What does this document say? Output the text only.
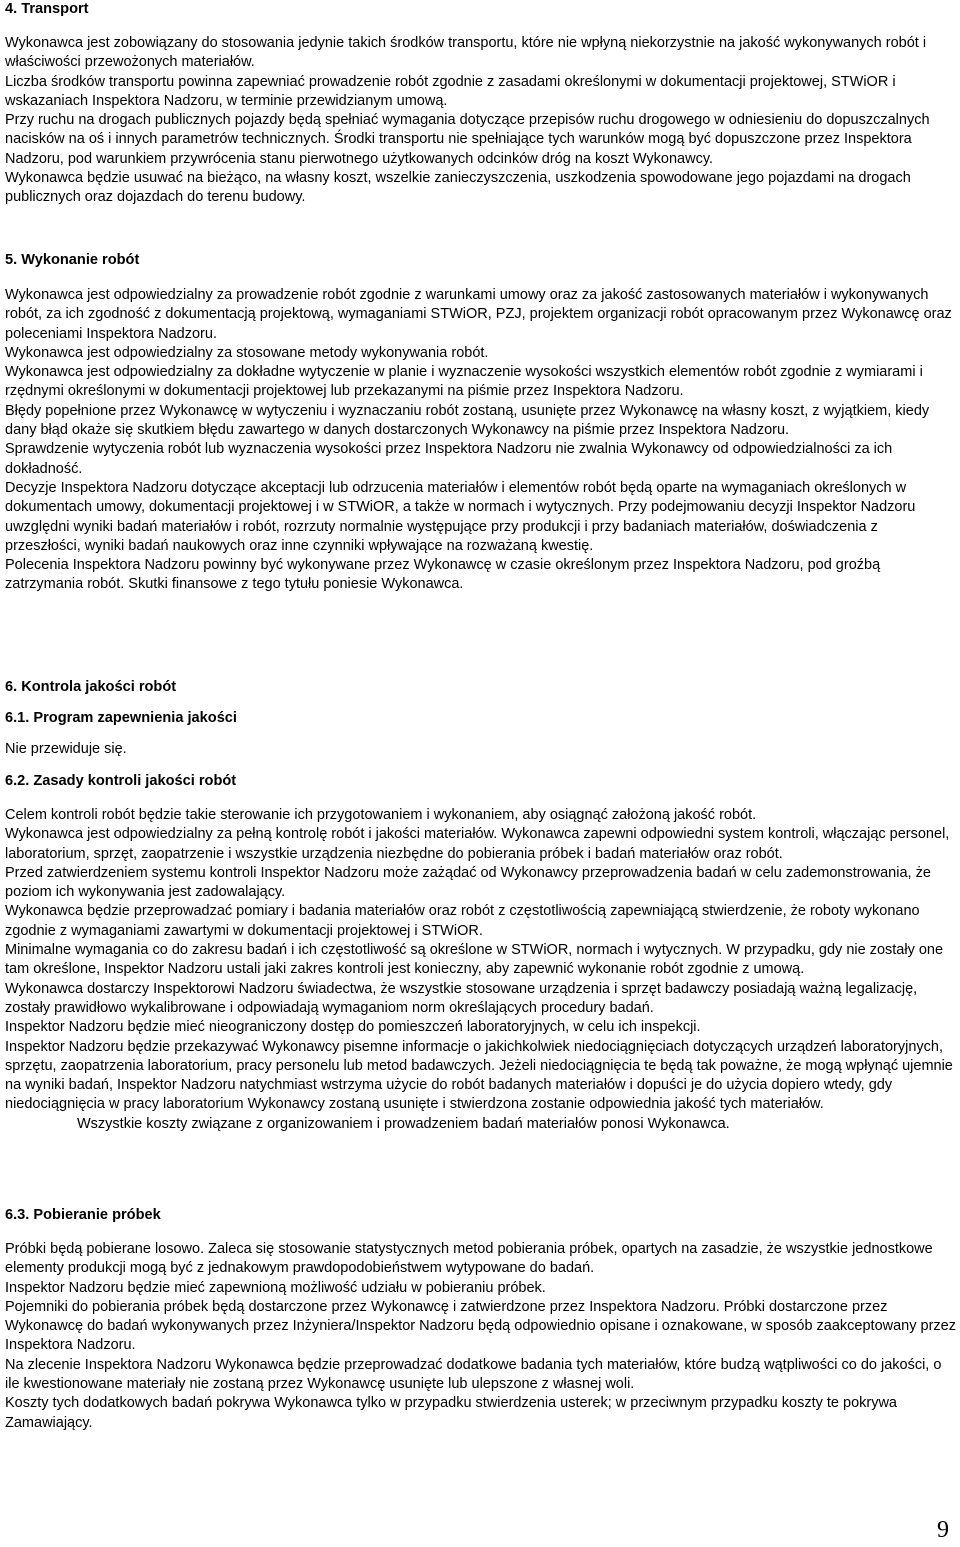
4. Transport

Wykonawca jest zobowiązany do stosowania jedynie takich środków transportu, które nie wpłyną niekorzystnie na jakość wykonywanych robót i właściwości przewożonych materiałów.

Liczba środków transportu powinna zapewniać prowadzenie robót zgodnie z zasadami określonymi w dokumentacji projektowej, STWiOR i wskazaniach Inspektora Nadzoru, w terminie przewidzianym umową.

Przy ruchu na drogach publicznych pojazdy będą spełniać wymagania dotyczące przepisów ruchu drogowego w odniesieniu do dopuszczalnych nacisków na oś i innych parametrów technicznych. Środki transportu nie spełniające tych warunków mogą być dopuszczone przez Inspektora Nadzoru, pod warunkiem przywrócenia stanu pierwotnego użytkowanych odcinków dróg na koszt Wykonawcy.

Wykonawca będzie usuwać na bieżąco, na własny koszt, wszelkie zanieczyszczenia, uszkodzenia spowodowane jego pojazdami na drogach publicznych oraz dojazdach do terenu budowy.

5. Wykonanie robót

Wykonawca jest odpowiedzialny za prowadzenie robót zgodnie z warunkami umowy oraz za jakość zastosowanych materiałów i wykonywanych robót, za ich zgodność z dokumentacją projektową, wymaganiami STWiOR, PZJ, projektem organizacji robót opracowanym przez Wykonawcę oraz poleceniami Inspektora Nadzoru.

Wykonawca jest odpowiedzialny za stosowane metody wykonywania robót.

Wykonawca jest odpowiedzialny za dokładne wytyczenie w planie i wyznaczenie wysokości wszystkich elementów robót zgodnie z wymiarami i rzędnymi określonymi w dokumentacji projektowej lub przekazanymi na piśmie przez Inspektora Nadzoru.

Błędy popełnione przez Wykonawcę w wytyczeniu i wyznaczaniu robót zostaną, usunięte przez Wykonawcę na własny koszt, z wyjątkiem, kiedy dany błąd okaże się skutkiem błędu zawartego w danych dostarczonych Wykonawcy na piśmie przez Inspektora Nadzoru.

Sprawdzenie wytyczenia robót lub wyznaczenia wysokości przez Inspektora Nadzoru nie zwalnia Wykonawcy od odpowiedzialności za ich dokładność.

Decyzje Inspektora Nadzoru dotyczące akceptacji lub odrzucenia materiałów i elementów robót będą oparte na wymaganiach określonych w dokumentach umowy, dokumentacji projektowej i w STWiOR, a także w normach i wytycznych. Przy podejmowaniu decyzji Inspektor Nadzoru uwzględni wyniki badań materiałów i robót, rozrzuty normalnie występujące przy produkcji i przy badaniach materiałów, doświadczenia z przeszłości, wyniki badań naukowych oraz inne czynniki wpływające na rozważaną kwestię.

Polecenia Inspektora Nadzoru powinny być wykonywane przez Wykonawcę w czasie określonym przez Inspektora Nadzoru, pod groźbą zatrzymania robót. Skutki finansowe z tego tytułu poniesie Wykonawca.

6. Kontrola jakości robót
6.1. Program zapewnienia jakości

Nie przewiduje się.

6.2. Zasady kontroli jakości robót

Celem kontroli robót będzie takie sterowanie ich przygotowaniem i wykonaniem, aby osiągnąć założoną jakość robót.

Wykonawca jest odpowiedzialny za pełną kontrolę robót i jakości materiałów. Wykonawca zapewni odpowiedni system kontroli, włączając personel, laboratorium, sprzęt, zaopatrzenie i wszystkie urządzenia niezbędne do pobierania próbek i badań materiałów oraz robót.

Przed zatwierdzeniem systemu kontroli Inspektor Nadzoru może zażądać od Wykonawcy przeprowadzenia badań w celu zademonstrowania, że poziom ich wykonywania jest zadowalający.

Wykonawca będzie przeprowadzać pomiary i badania materiałów oraz robót z częstotliwością zapewniającą stwierdzenie, że roboty wykonano zgodnie z wymaganiami zawartymi w dokumentacji projektowej i STWiOR.

Minimalne wymagania co do zakresu badań i ich częstotliwość są określone w STWiOR, normach i wytycznych. W przypadku, gdy nie zostały one tam określone, Inspektor Nadzoru ustali jaki zakres kontroli jest konieczny, aby zapewnić wykonanie robót zgodnie z umową.

Wykonawca dostarczy Inspektorowi Nadzoru świadectwa, że wszystkie stosowane urządzenia i sprzęt badawczy posiadają ważną legalizację, zostały prawidłowo wykalibrowane i odpowiadają wymaganiom norm określających procedury badań.

Inspektor Nadzoru będzie mieć nieograniczony dostęp do pomieszczeń laboratoryjnych, w celu ich inspekcji.

Inspektor Nadzoru będzie przekazywać Wykonawcy pisemne informacje o jakichkolwiek niedociągnięciach dotyczących urządzeń laboratoryjnych, sprzętu, zaopatrzenia laboratorium, pracy personelu lub metod badawczych. Jeżeli niedociągnięcia te będą tak poważne, że mogą wpłynąć ujemnie na wyniki badań, Inspektor Nadzoru natychmiast wstrzyma użycie do robót badanych materiałów i dopuści je do użycia dopiero wtedy, gdy niedociągnięcia w pracy laboratorium Wykonawcy zostaną usunięte i stwierdzona zostanie odpowiednia jakość tych materiałów.

Wszystkie koszty związane z organizowaniem i prowadzeniem badań materiałów ponosi Wykonawca.

6.3. Pobieranie próbek

Próbki będą pobierane losowo. Zaleca się stosowanie statystycznych metod pobierania próbek, opartych na zasadzie, że wszystkie jednostkowe elementy produkcji mogą być z jednakowym prawdopodobieństwem wytypowane do badań.

Inspektor Nadzoru będzie mieć zapewnioną możliwość udziału w pobieraniu próbek.

Pojemniki do pobierania próbek będą dostarczone przez Wykonawcę i zatwierdzone przez Inspektora Nadzoru. Próbki dostarczone przez Wykonawcę do badań wykonywanych przez Inżyniera/Inspektor Nadzoru będą odpowiednio opisane i oznakowane, w sposób zaakceptowany przez Inspektora Nadzoru.

Na zlecenie Inspektora Nadzoru Wykonawca będzie przeprowadzać dodatkowe badania tych materiałów, które budzą wątpliwości co do jakości, o ile kwestionowane materiały nie zostaną przez Wykonawcę usunięte lub ulepszone z własnej woli.

Koszty tych dodatkowych badań pokrywa Wykonawca tylko w przypadku stwierdzenia usterek; w przeciwnym przypadku koszty te pokrywa Zamawiający.

9
